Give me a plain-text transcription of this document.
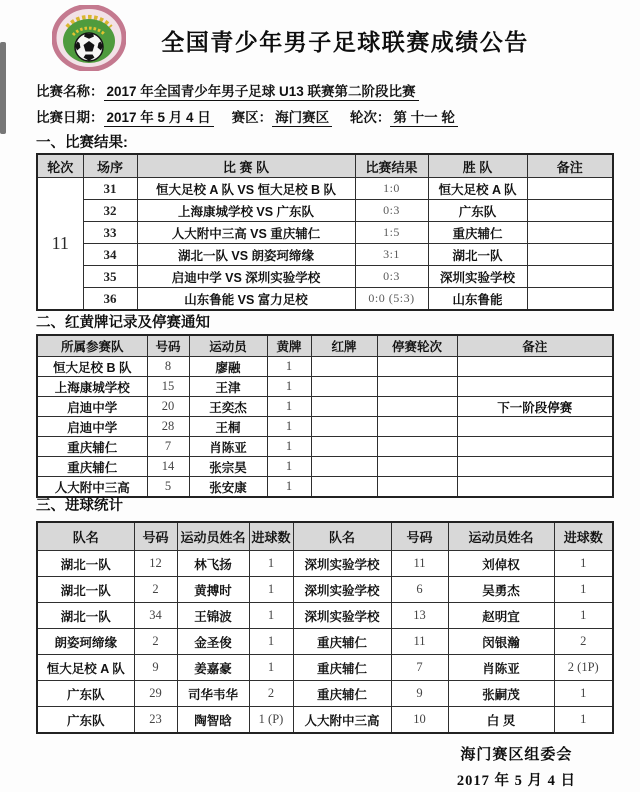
全国青少年男子足球联赛成绩公告
比赛名称： 2017 年全国青少年男子足球 U13 联赛第二阶段比赛
比赛日期： 2017 年 5 月 4 日 赛区： 海门赛区 轮次： 第 十一 轮
一、比赛结果:
轮次	场序	比 赛 队	比赛结果	胜 队	备注
11	31	恒大足校 A 队 VS 恒大足校 B 队	1:0	恒大足校 A 队	
	32	上海康城学校 VS 广东队	0:3	广东队	
	33	人大附中三高 VS 重庆辅仁	1:5	重庆辅仁	
	34	湖北一队 VS 朗姿珂缔缘	3:1	湖北一队	
	35	启迪中学 VS 深圳实验学校	0:3	深圳实验学校	
	36	山东鲁能 VS 富力足校	0:0 (5:3)	山东鲁能	
二、红黄牌记录及停赛通知
所属参赛队	号码	运动员	黄牌	红牌	停赛轮次	备注
恒大足校 B 队	8	廖融	1			
上海康城学校	15	王津	1			
启迪中学	20	王奕杰	1			下一阶段停赛
启迪中学	28	王桐	1			
重庆辅仁	7	肖陈亚	1			
重庆辅仁	14	张宗昊	1			
人大附中三高	5	张安康	1			
三、进球统计
队名	号码	运动员姓名	进球数	队名	号码	运动员姓名	进球数
湖北一队	12	林飞扬	1	深圳实验学校	11	刘倬权	1
湖北一队	2	黄搏时	1	深圳实验学校	6	吴勇杰	1
湖北一队	34	王锦波	1	深圳实验学校	13	赵明宜	1
朗姿珂缔缘	2	金圣俊	1	重庆辅仁	11	闵银瀚	2
恒大足校 A 队	9	姜嘉豪	1	重庆辅仁	7	肖陈亚	2 (1P)
广东队	29	司华韦华	2	重庆辅仁	9	张嗣茂	1
广东队	23	陶智晗	1 (P)	人大附中三高	10	白 炅	1
海门赛区组委会
2017 年 5 月 4 日
